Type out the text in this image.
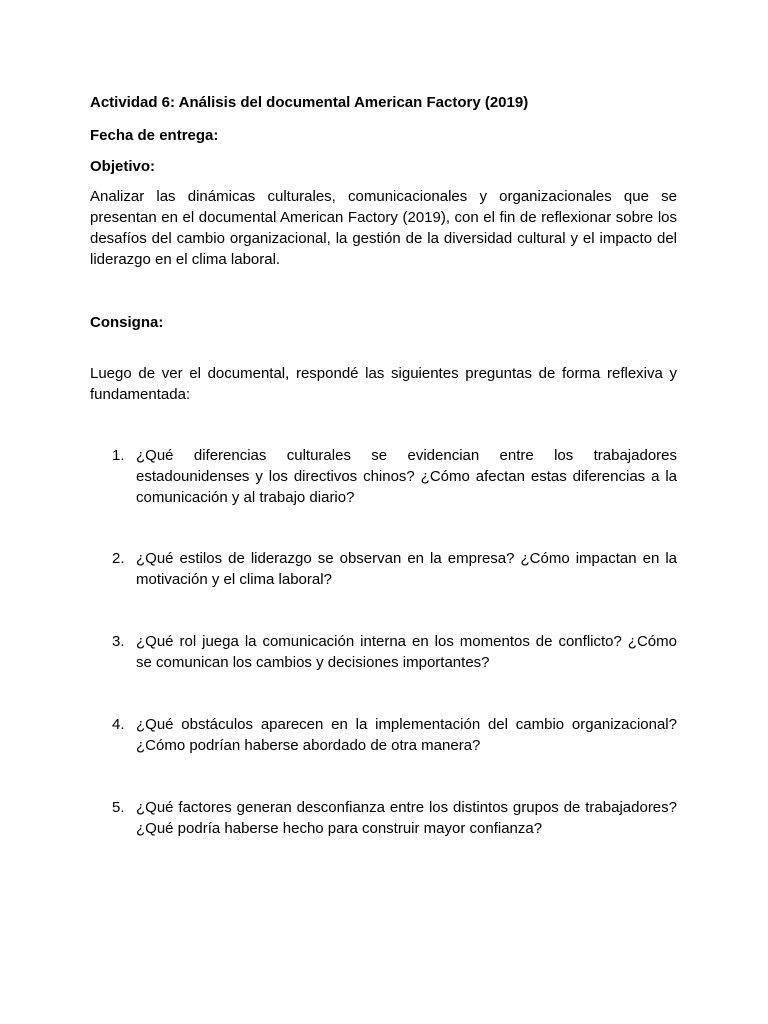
Actividad 6: Análisis del documental American Factory (2019)
Fecha de entrega:
Objetivo:
Analizar las dinámicas culturales, comunicacionales y organizacionales que se presentan en el documental American Factory (2019), con el fin de reflexionar sobre los desafíos del cambio organizacional, la gestión de la diversidad cultural y el impacto del liderazgo en el clima laboral.
Consigna:
Luego de ver el documental, respondé las siguientes preguntas de forma reflexiva y fundamentada:
1. ¿Qué diferencias culturales se evidencian entre los trabajadores estadounidenses y los directivos chinos? ¿Cómo afectan estas diferencias a la comunicación y al trabajo diario?
2. ¿Qué estilos de liderazgo se observan en la empresa? ¿Cómo impactan en la motivación y el clima laboral?
3. ¿Qué rol juega la comunicación interna en los momentos de conflicto? ¿Cómo se comunican los cambios y decisiones importantes?
4. ¿Qué obstáculos aparecen en la implementación del cambio organizacional? ¿Cómo podrían haberse abordado de otra manera?
5. ¿Qué factores generan desconfianza entre los distintos grupos de trabajadores? ¿Qué podría haberse hecho para construir mayor confianza?
